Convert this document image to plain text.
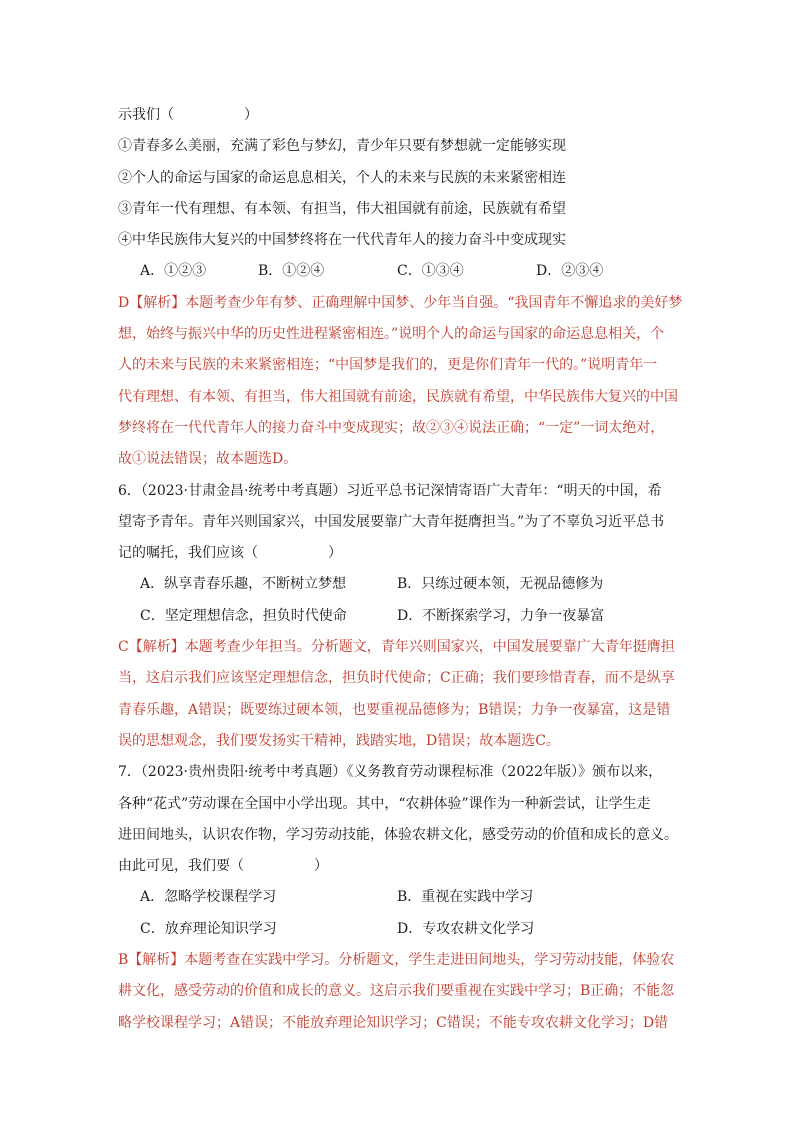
示我们（　　　　　）
①青春多么美丽，充满了彩色与梦幻，青少年只要有梦想就一定能够实现
②个人的命运与国家的命运息息相关，个人的未来与民族的未来紧密相连
③青年一代有理想、有本领、有担当，伟大祖国就有前途，民族就有希望
④中华民族伟大复兴的中国梦终将在一代代青年人的接力奋斗中变成现实
A．①②③	B．①②④	C．①③④	D．②③④
D【解析】本题考查少年有梦、正确理解中国梦、少年当自强。“我国青年不懈追求的美好梦
想，始终与振兴中华的历史性进程紧密相连。”说明个人的命运与国家的命运息息相关，个
人的未来与民族的未来紧密相连；“中国梦是我们的，更是你们青年一代的。”说明青年一
代有理想、有本领、有担当，伟大祖国就有前途，民族就有希望，中华民族伟大复兴的中国
梦终将在一代代青年人的接力奋斗中变成现实；故②③④说法正确；“一定”一词太绝对，
故①说法错误；故本题选D。
6．（2023·甘肃金昌·统考中考真题）习近平总书记深情寄语广大青年：“明天的中国，希
望寄予青年。青年兴则国家兴，中国发展要靠广大青年挺膺担当。”为了不辜负习近平总书
记的嘱托，我们应该（　　　　　）
A．纵享青春乐趣，不断树立梦想	B．只练过硬本领，无视品德修为
C．坚定理想信念，担负时代使命	D．不断探索学习，力争一夜暴富
C【解析】本题考查少年担当。分析题文，青年兴则国家兴，中国发展要靠广大青年挺膺担
当，这启示我们应该坚定理想信念，担负时代使命；C正确；我们要珍惜青春，而不是纵享
青春乐趣，A错误；既要练过硬本领，也要重视品德修为；B错误；力争一夜暴富，这是错
误的思想观念，我们要发扬实干精神，践踏实地，D错误；故本题选C。
7．（2023·贵州贵阳·统考中考真题）《义务教育劳动课程标准（2022年版）》颁布以来，
各种“花式”劳动课在全国中小学出现。其中，“农耕体验”课作为一种新尝试，让学生走
进田间地头，认识农作物，学习劳动技能，体验农耕文化，感受劳动的价值和成长的意义。
由此可见，我们要（　　　　　）
A．忽略学校课程学习	B．重视在实践中学习
C．放弃理论知识学习	D．专攻农耕文化学习
B【解析】本题考查在实践中学习。分析题文，学生走进田间地头，学习劳动技能，体验农
耕文化，感受劳动的价值和成长的意义。这启示我们要重视在实践中学习；B正确；不能忽
略学校课程学习；A错误；不能放弃理论知识学习；C错误；不能专攻农耕文化学习；D错
